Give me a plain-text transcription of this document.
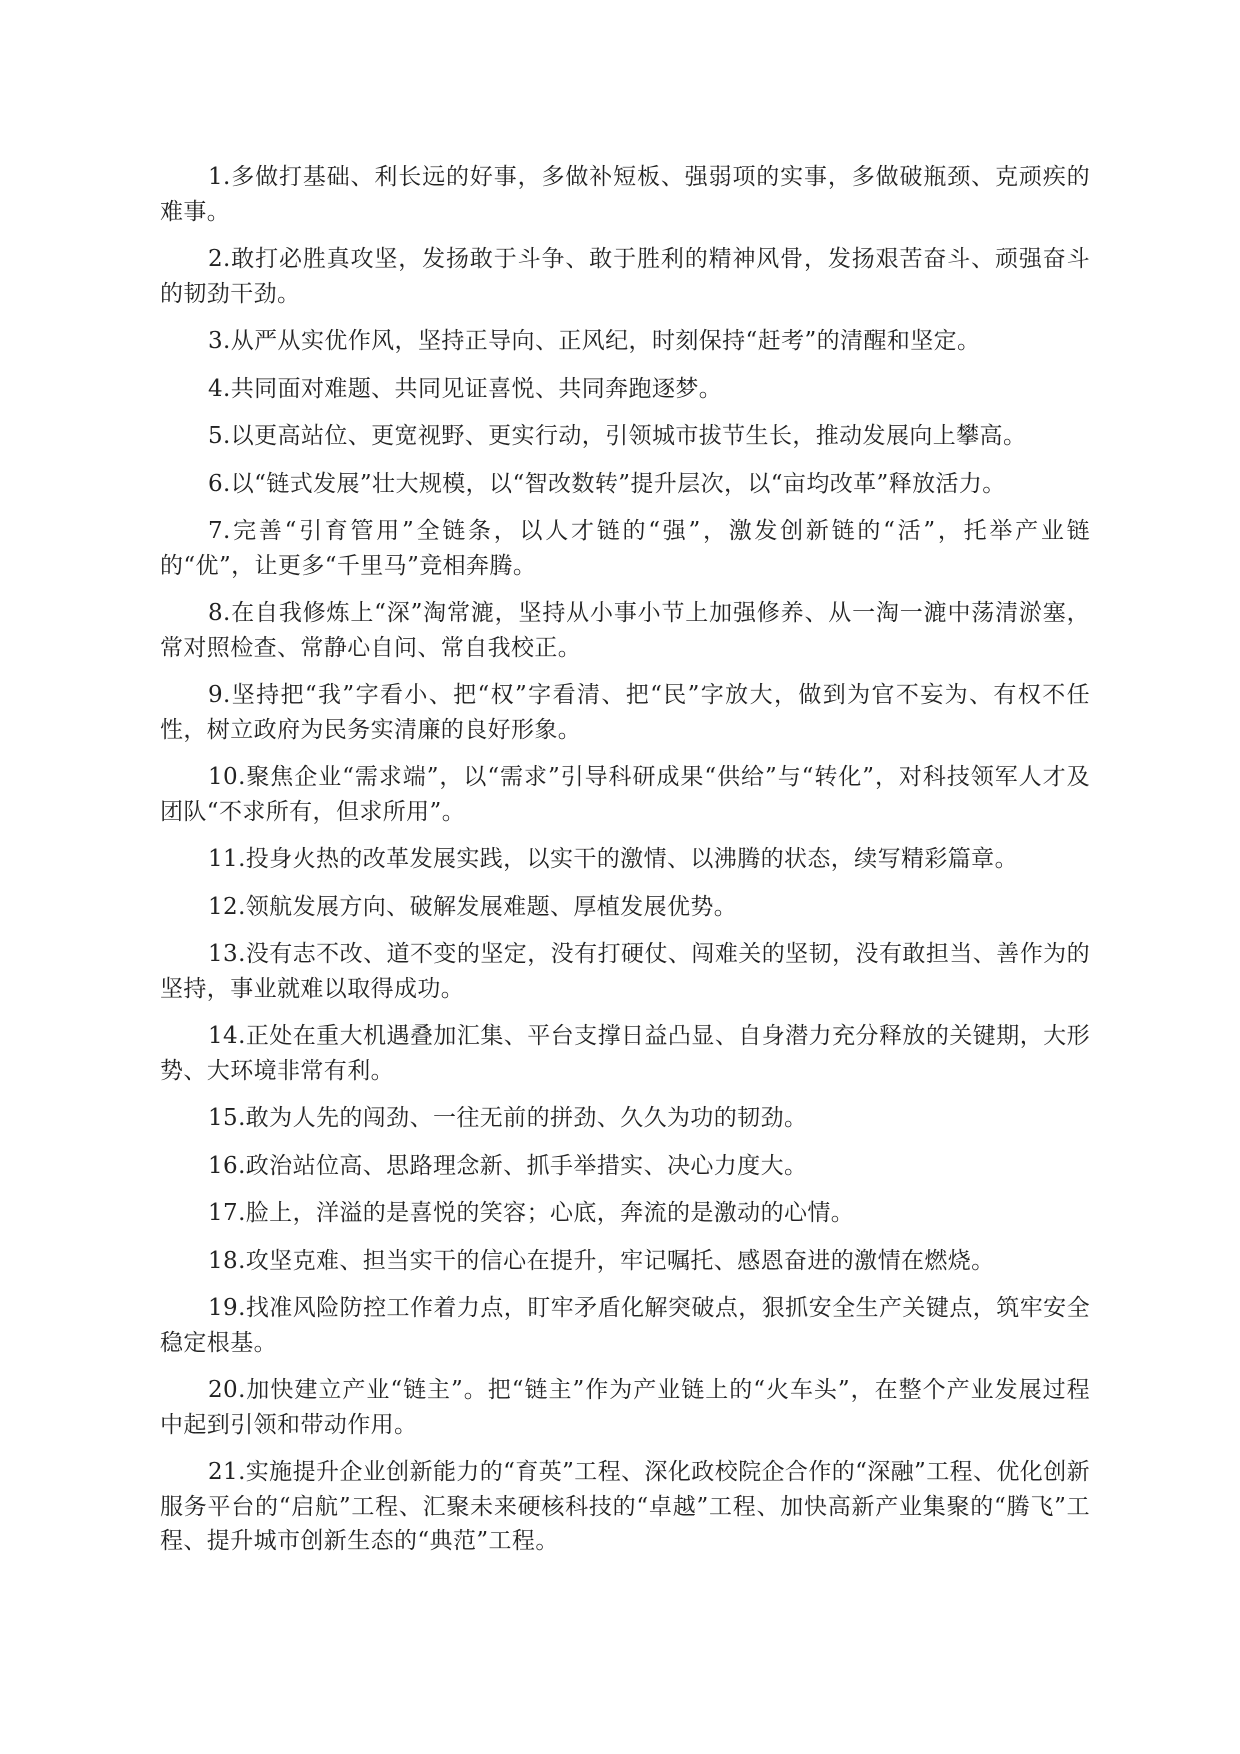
1.多做打基础、利长远的好事，多做补短板、强弱项的实事，多做破瓶颈、克顽疾的难事。

2.敢打必胜真攻坚，发扬敢于斗争、敢于胜利的精神风骨，发扬艰苦奋斗、顽强奋斗的韧劲干劲。

3.从严从实优作风，坚持正导向、正风纪，时刻保持“赶考”的清醒和坚定。

4.共同面对难题、共同见证喜悦、共同奔跑逐梦。

5.以更高站位、更宽视野、更实行动，引领城市拔节生长，推动发展向上攀高。

6.以“链式发展”壮大规模，以“智改数转”提升层次，以“亩均改革”释放活力。

7.完善“引育管用”全链条，以人才链的“强”，激发创新链的“活”，托举产业链的“优”，让更多“千里马”竞相奔腾。

8.在自我修炼上“深”淘常漉，坚持从小事小节上加强修养、从一淘一漉中荡清淤塞，常对照检查、常静心自问、常自我校正。

9.坚持把“我”字看小、把“权”字看清、把“民”字放大，做到为官不妄为、有权不任性，树立政府为民务实清廉的良好形象。

10.聚焦企业“需求端”，以“需求”引导科研成果“供给”与“转化”，对科技领军人才及团队“不求所有，但求所用”。

11.投身火热的改革发展实践，以实干的激情、以沸腾的状态，续写精彩篇章。

12.领航发展方向、破解发展难题、厚植发展优势。

13.没有志不改、道不变的坚定，没有打硬仗、闯难关的坚韧，没有敢担当、善作为的坚持，事业就难以取得成功。

14.正处在重大机遇叠加汇集、平台支撑日益凸显、自身潜力充分释放的关键期，大形势、大环境非常有利。

15.敢为人先的闯劲、一往无前的拼劲、久久为功的韧劲。

16.政治站位高、思路理念新、抓手举措实、决心力度大。

17.脸上，洋溢的是喜悦的笑容；心底，奔流的是激动的心情。

18.攻坚克难、担当实干的信心在提升，牢记嘱托、感恩奋进的激情在燃烧。

19.找准风险防控工作着力点，盯牢矛盾化解突破点，狠抓安全生产关键点，筑牢安全稳定根基。

20.加快建立产业“链主”。把“链主”作为产业链上的“火车头”，在整个产业发展过程中起到引领和带动作用。

21.实施提升企业创新能力的“育英”工程、深化政校院企合作的“深融”工程、优化创新服务平台的“启航”工程、汇聚未来硬核科技的“卓越”工程、加快高新产业集聚的“腾飞”工程、提升城市创新生态的“典范”工程。
